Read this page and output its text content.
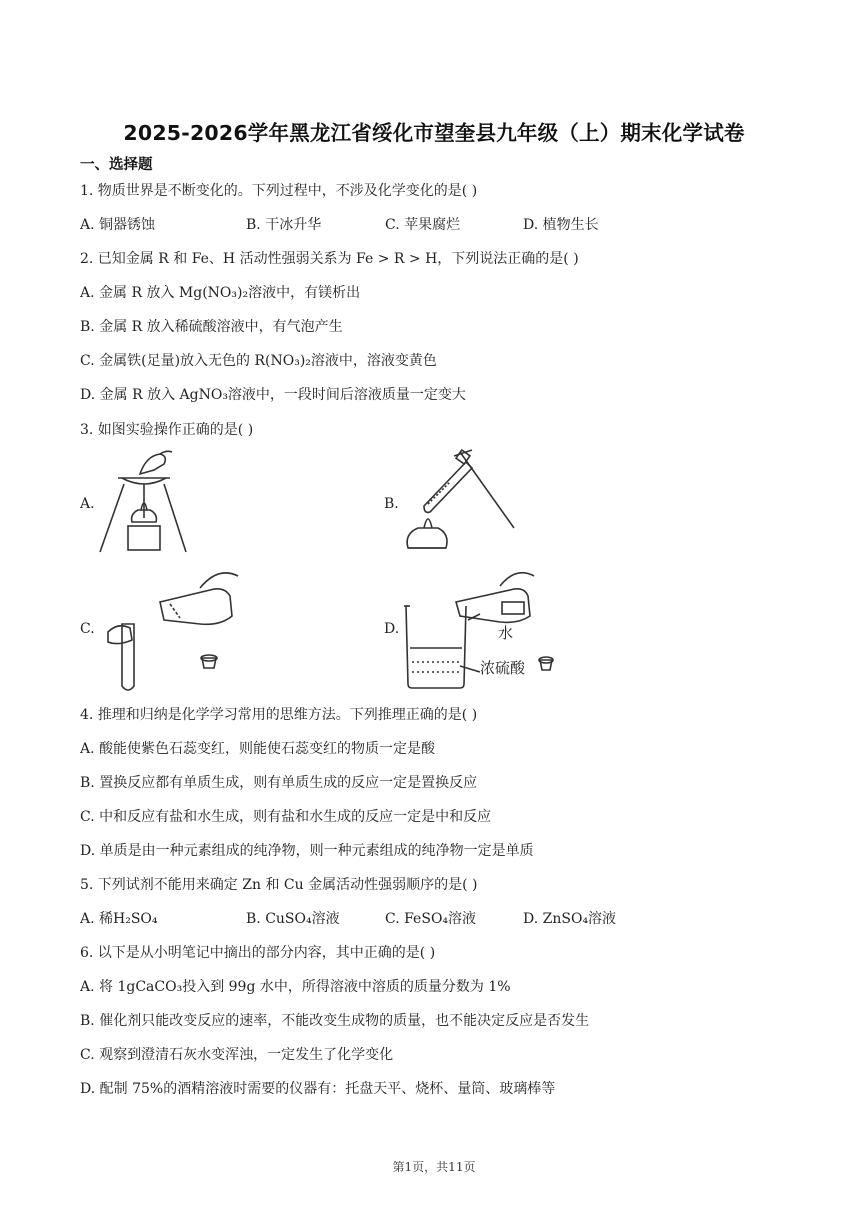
2025-2026学年黑龙江省绥化市望奎县九年级（上）期末化学试卷
一、选择题
1. 物质世界是不断变化的。下列过程中，不涉及化学变化的是( )
A. 铜器锈蚀	B. 干冰升华	C. 苹果腐烂	D. 植物生长
2. 已知金属 R 和 Fe、H 活动性强弱关系为 Fe > R > H，下列说法正确的是( )
A. 金属 R 放入 Mg(NO₃)₂溶液中，有镁析出
B. 金属 R 放入稀硫酸溶液中，有气泡产生
C. 金属铁(足量)放入无色的 R(NO₃)₂溶液中，溶液变黄色
D. 金属 R 放入 AgNO₃溶液中，一段时间后溶液质量一定变大
3. 如图实验操作正确的是( )
A.	B.
C.	D.	水
浓硫酸
4. 推理和归纳是化学学习常用的思维方法。下列推理正确的是( )
A. 酸能使紫色石蕊变红，则能使石蕊变红的物质一定是酸
B. 置换反应都有单质生成，则有单质生成的反应一定是置换反应
C. 中和反应有盐和水生成，则有盐和水生成的反应一定是中和反应
D. 单质是由一种元素组成的纯净物，则一种元素组成的纯净物一定是单质
5. 下列试剂不能用来确定 Zn 和 Cu 金属活动性强弱顺序的是( )
A. 稀H₂SO₄	B. CuSO₄溶液	C. FeSO₄溶液	D. ZnSO₄溶液
6. 以下是从小明笔记中摘出的部分内容，其中正确的是( )
A. 将 1gCaCO₃投入到 99g 水中，所得溶液中溶质的质量分数为 1%
B. 催化剂只能改变反应的速率，不能改变生成物的质量，也不能决定反应是否发生
C. 观察到澄清石灰水变浑浊，一定发生了化学变化
D. 配制 75%的酒精溶液时需要的仪器有：托盘天平、烧杯、量筒、玻璃棒等
第1页，共11页
